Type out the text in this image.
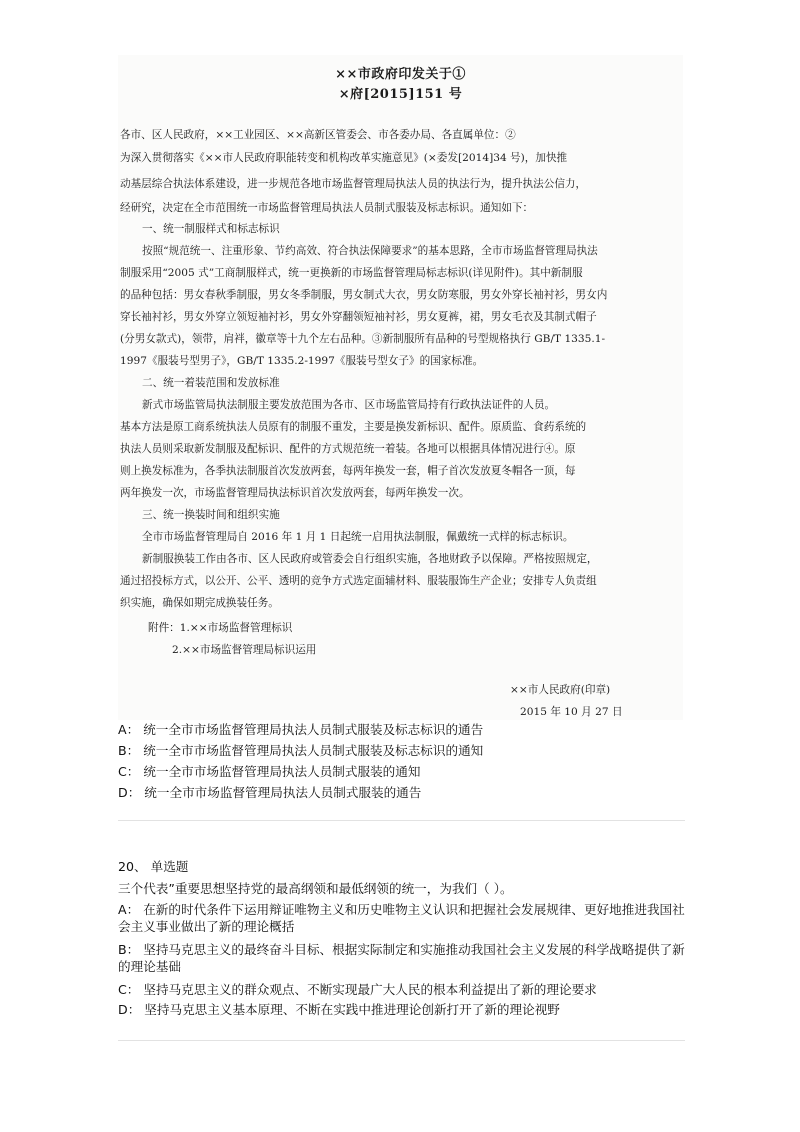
××市政府印发关于①
×府[2015]151 号
各市、区人民政府，××工业园区、××高新区管委会、市各委办局、各直属单位：②
为深入贯彻落实《××市人民政府职能转变和机构改革实施意见》(×委发[2014]34 号)，加快推
动基层综合执法体系建设，进一步规范各地市场监督管理局执法人员的执法行为，提升执法公信力，
经研究，决定在全市范围统一市场监督管理局执法人员制式服装及标志标识。通知如下：
一、统一制服样式和标志标识
按照“规范统一、注重形象、节约高效、符合执法保障要求”的基本思路，全市市场监督管理局执法
制服采用“2005 式”工商制服样式，统一更换新的市场监督管理局标志标识(详见附件)。其中新制服
的品种包括：男女春秋季制服，男女冬季制服，男女制式大衣，男女防寒服，男女外穿长袖衬衫，男女内
穿长袖衬衫，男女外穿立领短袖衬衫，男女外穿翻领短袖衬衫，男女夏裤，裙，男女毛衣及其制式帽子
(分男女款式)，领带，肩袢，徽章等十九个左右品种。③新制服所有品种的号型规格执行 GB/T 1335.1-
1997《服装号型男子》，GB/T 1335.2-1997《服装号型女子》的国家标准。
二、统一着装范围和发放标准
新式市场监管局执法制服主要发放范围为各市、区市场监管局持有行政执法证件的人员。
基本方法是原工商系统执法人员原有的制服不重发，主要是换发新标识、配件。原质监、食药系统的
执法人员则采取新发制服及配标识、配件的方式规范统一着装。各地可以根据具体情况进行④。原
则上换发标准为，各季执法制服首次发放两套，每两年换发一套，帽子首次发放夏冬帽各一顶，每
两年换发一次，市场监督管理局执法标识首次发放两套，每两年换发一次。
三、统一换装时间和组织实施
全市市场监督管理局自 2016 年 1 月 1 日起统一启用执法制服，佩戴统一式样的标志标识。
新制服换装工作由各市、区人民政府或管委会自行组织实施，各地财政予以保障。严格按照规定，
通过招投标方式，以公开、公平、透明的竞争方式选定面辅材料、服装服饰生产企业；安排专人负责组
织实施，确保如期完成换装任务。
附件：1.××市场监督管理标识
2.××市场监督管理局标识运用
××市人民政府(印章)
2015 年 10 月 27 日
A： 统一全市市场监督管理局执法人员制式服装及标志标识的通告
B： 统一全市市场监督管理局执法人员制式服装及标志标识的通知
C： 统一全市市场监督管理局执法人员制式服装的通知
D： 统一全市市场监督管理局执法人员制式服装的通告
20、 单选题
三个代表”重要思想坚持党的最高纲领和最低纲领的统一，为我们（ ）。
A： 在新的时代条件下运用辩证唯物主义和历史唯物主义认识和把握社会发展规律、更好地推进我国社会主义事业做出了新的理论概括
B： 坚持马克思主义的最终奋斗目标、根据实际制定和实施推动我国社会主义发展的科学战略提供了新的理论基础
C： 坚持马克思主义的群众观点、不断实现最广大人民的根本利益提出了新的理论要求
D： 坚持马克思主义基本原理、不断在实践中推进理论创新打开了新的理论视野
